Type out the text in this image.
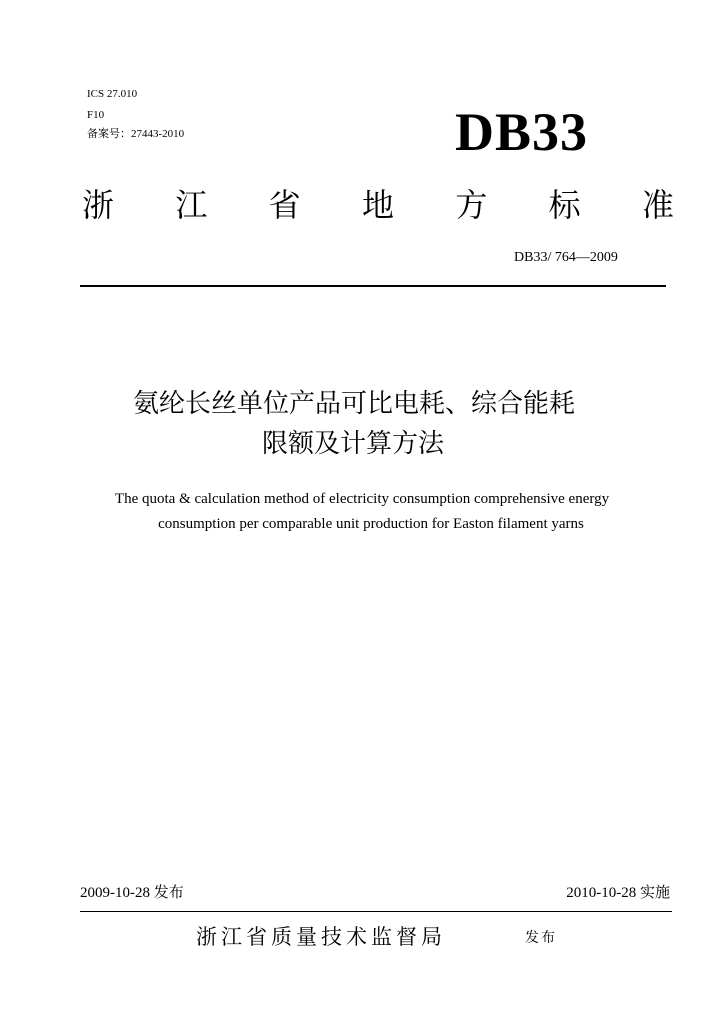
ICS 27.010
F10
备案号：27443-2010	DB33
浙 江 省 地 方 标 准
DB33/ 764—2009
氨纶长丝单位产品可比电耗、综合能耗
限额及计算方法
The quota & calculation method of electricity consumption comprehensive energy
consumption per comparable unit production for Easton filament yarns
2009-10-28 发布	2010-10-28 实施
浙江省质量技术监督局	发布
